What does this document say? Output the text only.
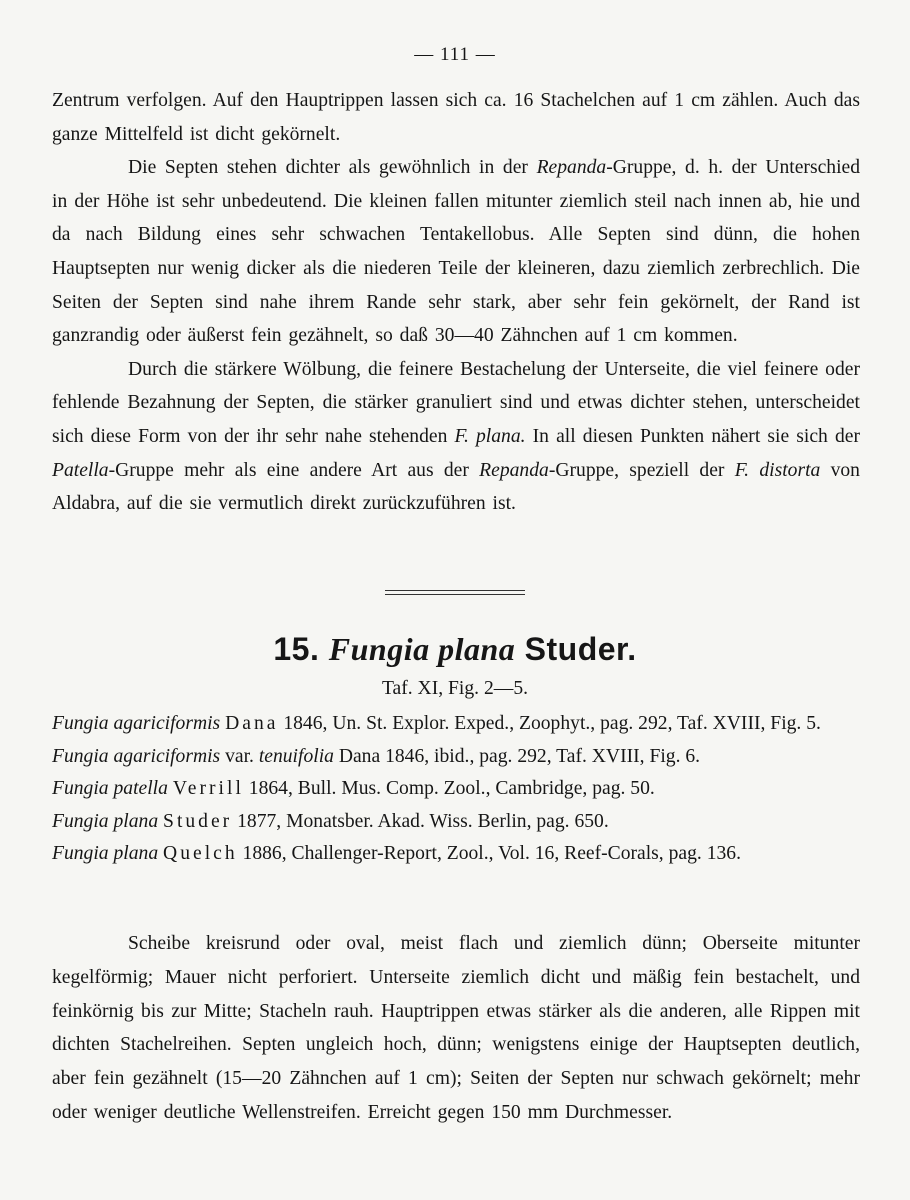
— 111 —

Zentrum verfolgen. Auf den Hauptrippen lassen sich ca. 16 Stachelchen auf 1 cm zählen. Auch das ganze Mittelfeld ist dicht gekörnelt.

Die Septen stehen dichter als gewöhnlich in der Repanda-Gruppe, d. h. der Unterschied in der Höhe ist sehr unbedeutend. Die kleinen fallen mitunter ziemlich steil nach innen ab, hie und da nach Bildung eines sehr schwachen Tentakellobus. Alle Septen sind dünn, die hohen Hauptsepten nur wenig dicker als die niederen Teile der kleineren, dazu ziemlich zerbrechlich. Die Seiten der Septen sind nahe ihrem Rande sehr stark, aber sehr fein gekörnelt, der Rand ist ganzrandig oder äußerst fein gezähnelt, so daß 30—40 Zähnchen auf 1 cm kommen.

Durch die stärkere Wölbung, die feinere Bestachelung der Unterseite, die viel feinere oder fehlende Bezahnung der Septen, die stärker granuliert sind und etwas dichter stehen, unterscheidet sich diese Form von der ihr sehr nahe stehenden F. plana. In all diesen Punkten nähert sie sich der Patella-Gruppe mehr als eine andere Art aus der Repanda-Gruppe, speziell der F. distorta von Aldabra, auf die sie vermutlich direkt zurückzuführen ist.

15. Fungia plana Studer.
Taf. XI, Fig. 2—5.

Fungia agariciformis Dana 1846, Un. St. Explor. Exped., Zoophyt., pag. 292, Taf. XVIII, Fig. 5.

Fungia agariciformis var. tenuifolia Dana 1846, ibid., pag. 292, Taf. XVIII, Fig. 6.

Fungia patella Verrill 1864, Bull. Mus. Comp. Zool., Cambridge, pag. 50.

Fungia plana Studer 1877, Monatsber. Akad. Wiss. Berlin, pag. 650.

Fungia plana Quelch 1886, Challenger-Report, Zool., Vol. 16, Reef-Corals, pag. 136.

Scheibe kreisrund oder oval, meist flach und ziemlich dünn; Oberseite mitunter kegelförmig; Mauer nicht perforiert. Unterseite ziemlich dicht und mäßig fein bestachelt, und feinkörnig bis zur Mitte; Stacheln rauh. Hauptrippen etwas stärker als die anderen, alle Rippen mit dichten Stachelreihen. Septen ungleich hoch, dünn; wenigstens einige der Hauptsepten deutlich, aber fein gezähnelt (15—20 Zähnchen auf 1 cm); Seiten der Septen nur schwach gekörnelt; mehr oder weniger deutliche Wellenstreifen. Erreicht gegen 150 mm Durchmesser.
